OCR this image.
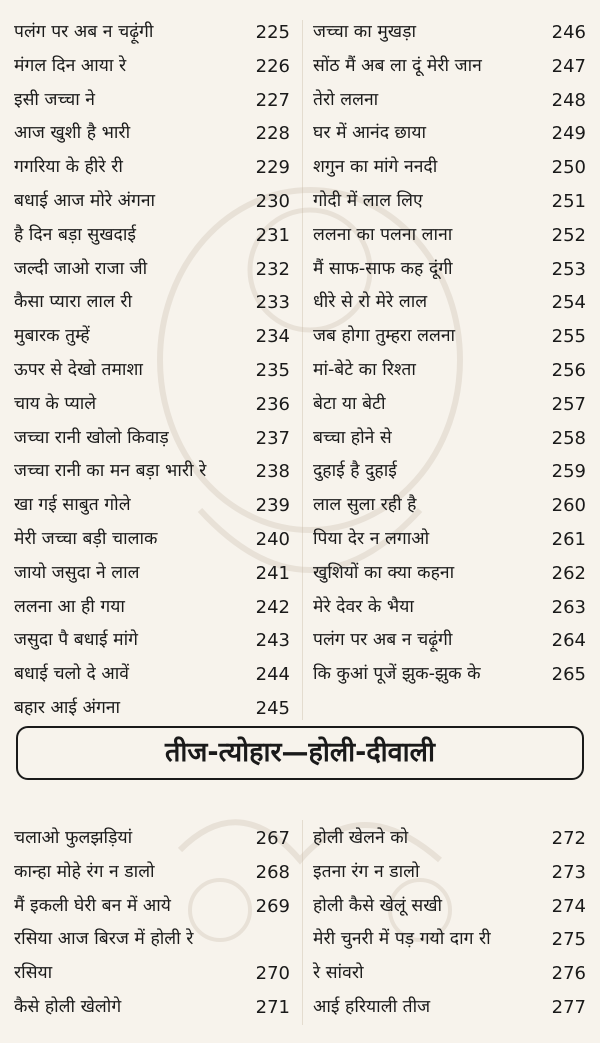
पलंग पर अब न चढ़ूंगी	225
मंगल दिन आया रे	226
इसी जच्चा ने	227
आज खुशी है भारी	228
गगरिया के हीरे री	229
बधाई आज मोरे अंगना	230
है दिन बड़ा सुखदाई	231
जल्दी जाओ राजा जी	232
कैसा प्यारा लाल री	233
मुबारक तुम्हें	234
ऊपर से देखो तमाशा	235
चाय के प्याले	236
जच्चा रानी खोलो किवाड़	237
जच्चा रानी का मन बड़ा भारी रे	238
खा गई साबुत गोले	239
मेरी जच्चा बड़ी चालाक	240
जायो जसुदा ने लाल	241
ललना आ ही गया	242
जसुदा पै बधाई मांगे	243
बधाई चलो दे आवें	244
बहार आई अंगना	245
जच्चा का मुखड़ा	246
सोंठ मैं अब ला दूं मेरी जान	247
तेरो ललना	248
घर में आनंद छाया	249
शगुन का मांगे ननदी	250
गोदी में लाल लिए	251
ललना का पलना लाना	252
मैं साफ-साफ कह दूंगी	253
धीरे से रो मेरे लाल	254
जब होगा तुम्हरा ललना	255
मां-बेटे का रिश्ता	256
बेटा या बेटी	257
बच्चा होने से	258
दुहाई है दुहाई	259
लाल सुला रही है	260
पिया देर न लगाओ	261
खुशियों का क्या कहना	262
मेरे देवर के भैया	263
पलंग पर अब न चढ़ूंगी	264
कि कुआं पूजें झुक-झुक के	265
तीज-त्योहार—होली-दीवाली
चलाओ फुलझड़ियां	267
कान्हा मोहे रंग न डालो	268
मैं इकली घेरी बन में आये	269
रसिया आज बिरज में होली रे
रसिया	270
कैसे होली खेलोगे	271
होली खेलने को	272
इतना रंग न डालो	273
होली कैसे खेलूं सखी	274
मेरी चुनरी में पड़ गयो दाग री	275
रे सांवरो	276
आई हरियाली तीज	277
